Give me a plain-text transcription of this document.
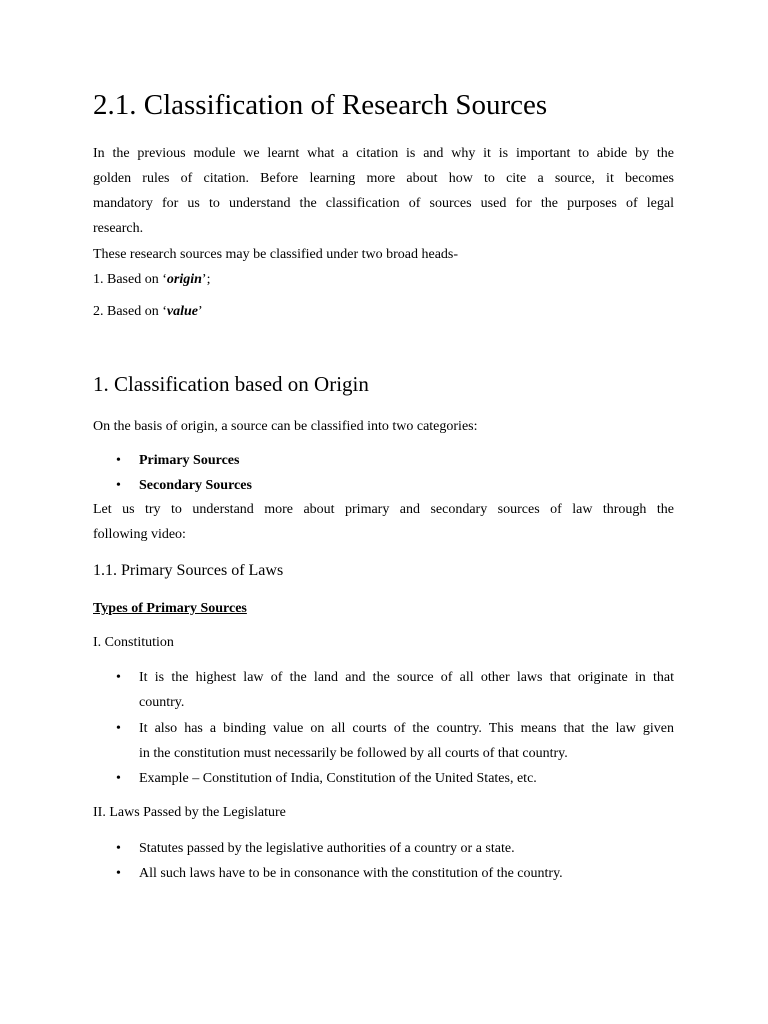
2.1. Classification of Research Sources
In the previous module we learnt what a citation is and why it is important to abide by the
golden rules of citation. Before learning more about how to cite a source, it becomes
mandatory for us to understand the classification of sources used for the purposes of legal
research.

These research sources may be classified under two broad heads-

1. Based on ‘origin’;

2. Based on ‘value’

1. Classification based on Origin

On the basis of origin, a source can be classified into two categories:

• Primary Sources

• Secondary Sources

Let us try to understand more about primary and secondary sources of law through the
following video:
1.1. Primary Sources of Laws

Types of Primary Sources

I. Constitution

• It is the highest law of the land and the source of all other laws that originate in that
country.
• It also has a binding value on all courts of the country. This means that the law given
in the constitution must necessarily be followed by all courts of that country.
• Example – Constitution of India, Constitution of the United States, etc.

II. Laws Passed by the Legislature

• Statutes passed by the legislative authorities of a country or a state.
• All such laws have to be in consonance with the constitution of the country.
